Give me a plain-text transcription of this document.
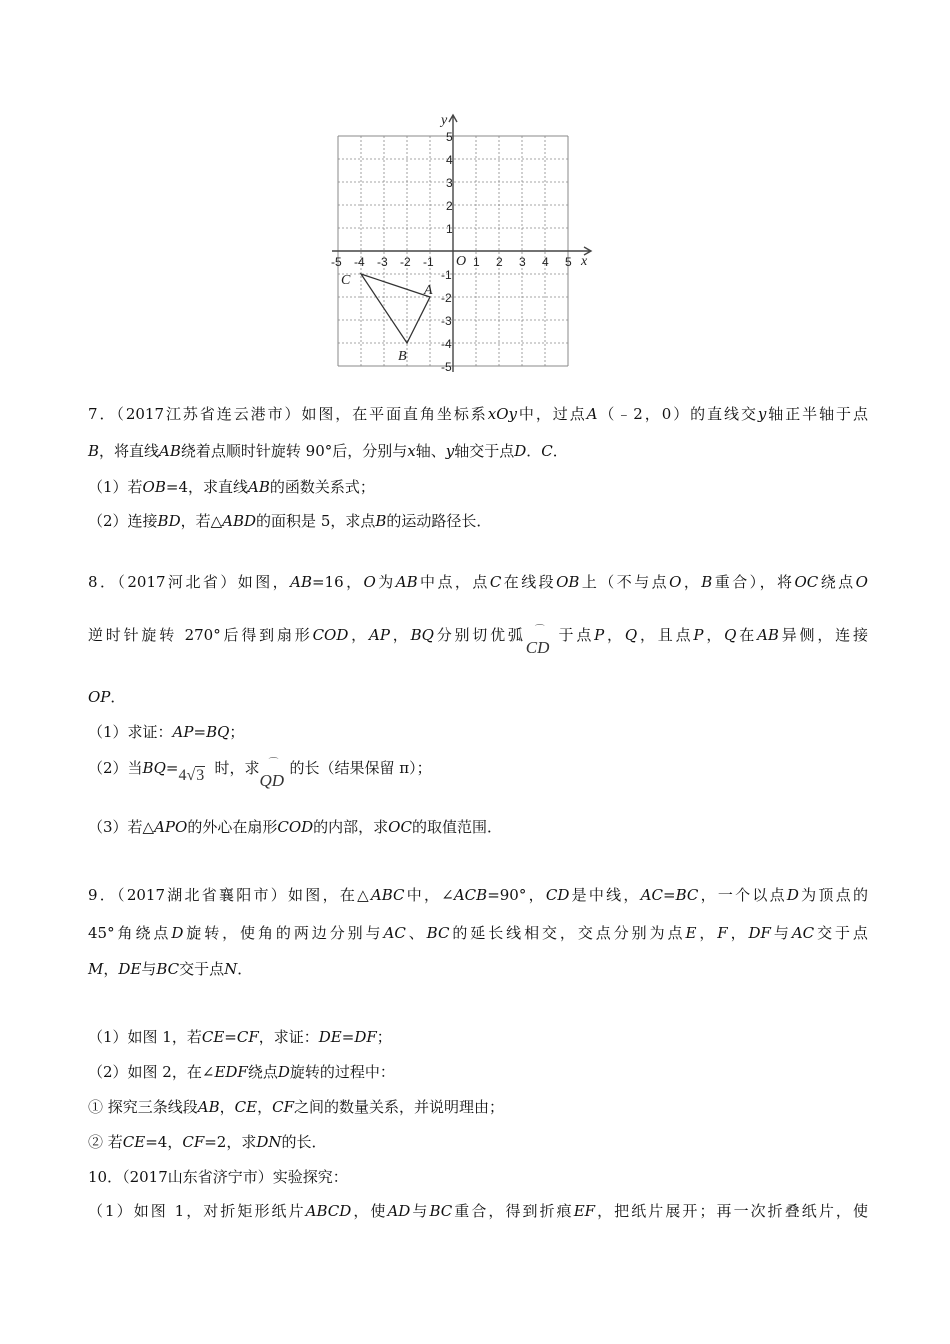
x
y
O
-5 -4 -3 -2 -1	1 2 3 4 5
5
4
3
2
1
-1
-2
-3
-4
-5
C
A
B
7．（2017江苏省连云港市）如图，在平面直角坐标系xOy中，过点A（﹣2，0）的直线交y轴正半轴于点
B，将直线AB绕着点顺时针旋转 90°后，分别与x轴、y轴交于点D．C．
（1）若OB=4，求直线AB的函数关系式；
（2）连接BD，若△ABD的面积是 5，求点B的运动路径长．
8．（2017河北省）如图，AB=16，O为AB中点，点C在线段OB上（不与点O，B重合），将OC绕点O
逆时针旋转 270°后得到扇形COD，AP，BQ分别切优弧 ⌒
CD
于点P，Q，且点P，Q在AB异侧，连接
OP．
（1）求证：AP=BQ；
（2）当BQ= 4√3 时，求 ⌒
QD
的长（结果保留 π）；
（3）若△APO的外心在扇形COD的内部，求OC的取值范围．
9．（2017湖北省襄阳市）如图，在△ABC中，∠ACB=90°，CD是中线，AC=BC，一个以点D为顶点的
45°角绕点D旋转，使角的两边分别与AC、BC的延长线相交，交点分别为点E，F，DF与AC交于点
M，DE与BC交于点N．
（1）如图 1，若CE=CF，求证：DE=DF；
（2）如图 2，在∠EDF绕点D旋转的过程中：
① 探究三条线段AB，CE，CF之间的数量关系，并说明理由；
② 若CE=4，CF=2，求DN的长．
10．（2017山东省济宁市）实验探究：
（1）如图 1，对折矩形纸片ABCD，使AD与BC重合，得到折痕EF，把纸片展开；再一次折叠纸片，使
